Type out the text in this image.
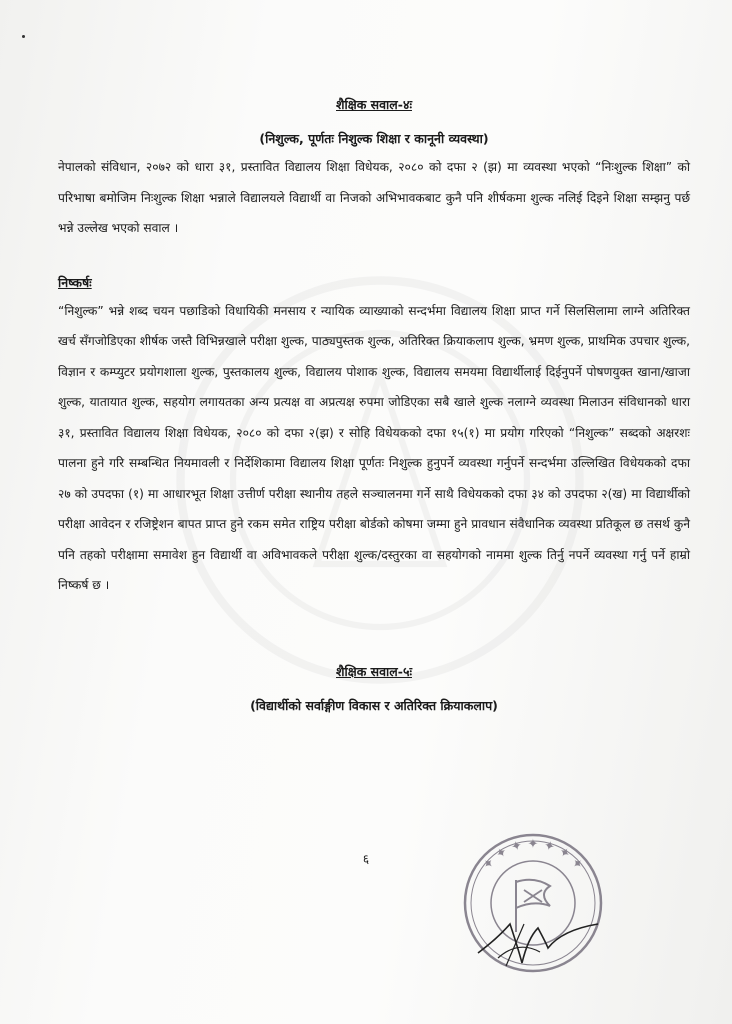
शैक्षिक सवाल-४ः

(निशुल्क, पूर्णतः निशुल्क शिक्षा र कानूनी व्यवस्था)

नेपालको संविधान, २०७२ को धारा ३१, प्रस्तावित विद्यालय शिक्षा विधेयक, २०८० को दफा २ (झ) मा व्यवस्था भएको “निःशुल्क शिक्षा” को परिभाषा बमोजिम निःशुल्क शिक्षा भन्नाले विद्यालयले विद्यार्थी वा निजको अभिभावकबाट कुनै पनि शीर्षकमा शुल्क नलिई दिइने शिक्षा सम्झनु पर्छ भन्ने उल्लेख भएको सवाल ।

निष्कर्षः

“निशुल्क” भन्ने शब्द चयन पछाडिको विधायिकी मनसाय र न्यायिक व्याख्याको सन्दर्भमा विद्यालय शिक्षा प्राप्त गर्ने सिलसिलामा लाग्ने अतिरिक्त खर्च सँगजोडिएका शीर्षक जस्तै विभिन्नखाले परीक्षा शुल्क, पाठ्यपुस्तक शुल्क, अतिरिक्त क्रियाकलाप शुल्क, भ्रमण शुल्क, प्राथमिक उपचार शुल्क, विज्ञान र कम्प्युटर प्रयोगशाला शुल्क, पुस्तकालय शुल्क, विद्यालय पोशाक शुल्क, विद्यालय समयमा विद्यार्थीलाई दिईनुपर्ने पोषणयुक्त खाना/खाजा शुल्क, यातायात शुल्क, सहयोग लगायतका अन्य प्रत्यक्ष वा अप्रत्यक्ष रुपमा जोडिएका सबै खाले शुल्क नलाग्ने व्यवस्था मिलाउन संविधानको धारा ३१, प्रस्तावित विद्यालय शिक्षा विधेयक, २०८० को दफा २(झ) र सोहि विधेयकको दफा १५(१) मा प्रयोग गरिएको “निशुल्क” सब्दको अक्षरशः पालना हुने गरि सम्बन्धित नियमावली र निर्देशिकामा विद्यालय शिक्षा पूर्णतः निशुल्क हुनुपर्ने व्यवस्था गर्नुपर्ने सन्दर्भमा उल्लिखित विधेयकको दफा २७ को उपदफा (१) मा आधारभूत शिक्षा उत्तीर्ण परीक्षा स्थानीय तहले सञ्चालनमा गर्ने साथै विधेयकको दफा ३४ को उपदफा २(ख) मा विद्यार्थीको परीक्षा आवेदन र रजिष्ट्रेशन बापत प्राप्त हुने रकम समेत राष्ट्रिय परीक्षा बोर्डको कोषमा जम्मा हुने प्रावधान संवैधानिक व्यवस्था प्रतिकूल छ तसर्थ कुनै पनि तहको परीक्षामा समावेश हुन विद्यार्थी वा अविभावकले परीक्षा शुल्क/दस्तुरका वा सहयोगको नाममा शुल्क तिर्नु नपर्ने व्यवस्था गर्नु पर्ने हाम्रो निष्कर्ष छ ।

शैक्षिक सवाल-५ः

(विद्यार्थीको सर्वाङ्गीण विकास र अतिरिक्त क्रियाकलाप)

६	✦ ✦ ✦ ✦ ✦ ✦ ✦
